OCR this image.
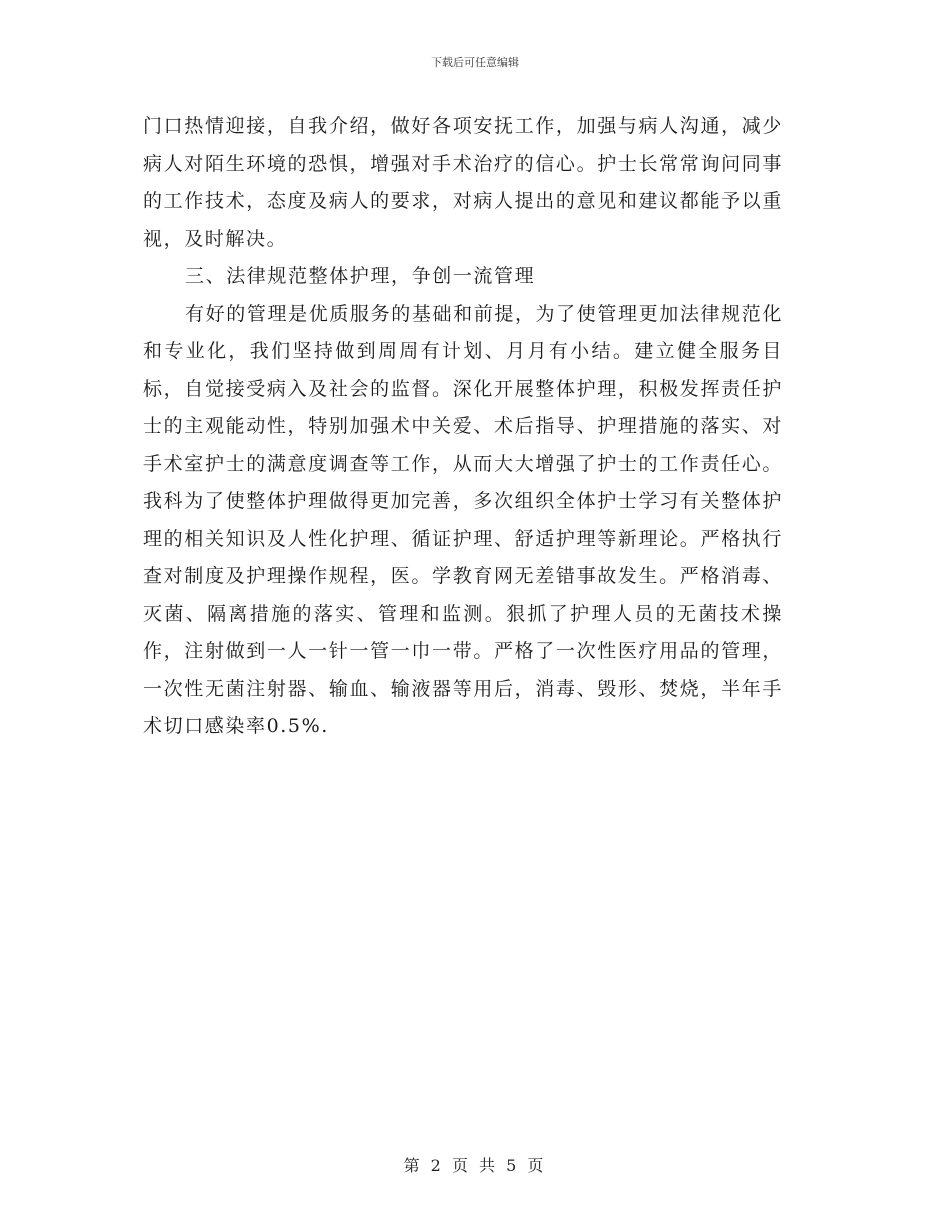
下载后可任意编辑

门口热情迎接，自我介绍，做好各项安抚工作，加强与病人沟通，减少病人对陌生环境的恐惧，增强对手术治疗的信心。护士长常常询问同事的工作技术，态度及病人的要求，对病人提出的意见和建议都能予以重视，及时解决。

三、法律规范整体护理，争创一流管理

有好的管理是优质服务的基础和前提，为了使管理更加法律规范化和专业化，我们坚持做到周周有计划、月月有小结。建立健全服务目标，自觉接受病入及社会的监督。深化开展整体护理，积极发挥责任护士的主观能动性，特别加强术中关爱、术后指导、护理措施的落实、对手术室护士的满意度调查等工作，从而大大增强了护士的工作责任心。我科为了使整体护理做得更加完善，多次组织全体护士学习有关整体护理的相关知识及人性化护理、循证护理、舒适护理等新理论。严格执行查对制度及护理操作规程，医。学教育网无差错事故发生。严格消毒、灭菌、隔离措施的落实、管理和监测。狠抓了护理人员的无菌技术操作，注射做到一人一针一管一巾一带。严格了一次性医疗用品的管理，一次性无菌注射器、输血、输液器等用后，消毒、毁形、焚烧，半年手术切口感染率0.5%.

第 2 页 共 5 页
